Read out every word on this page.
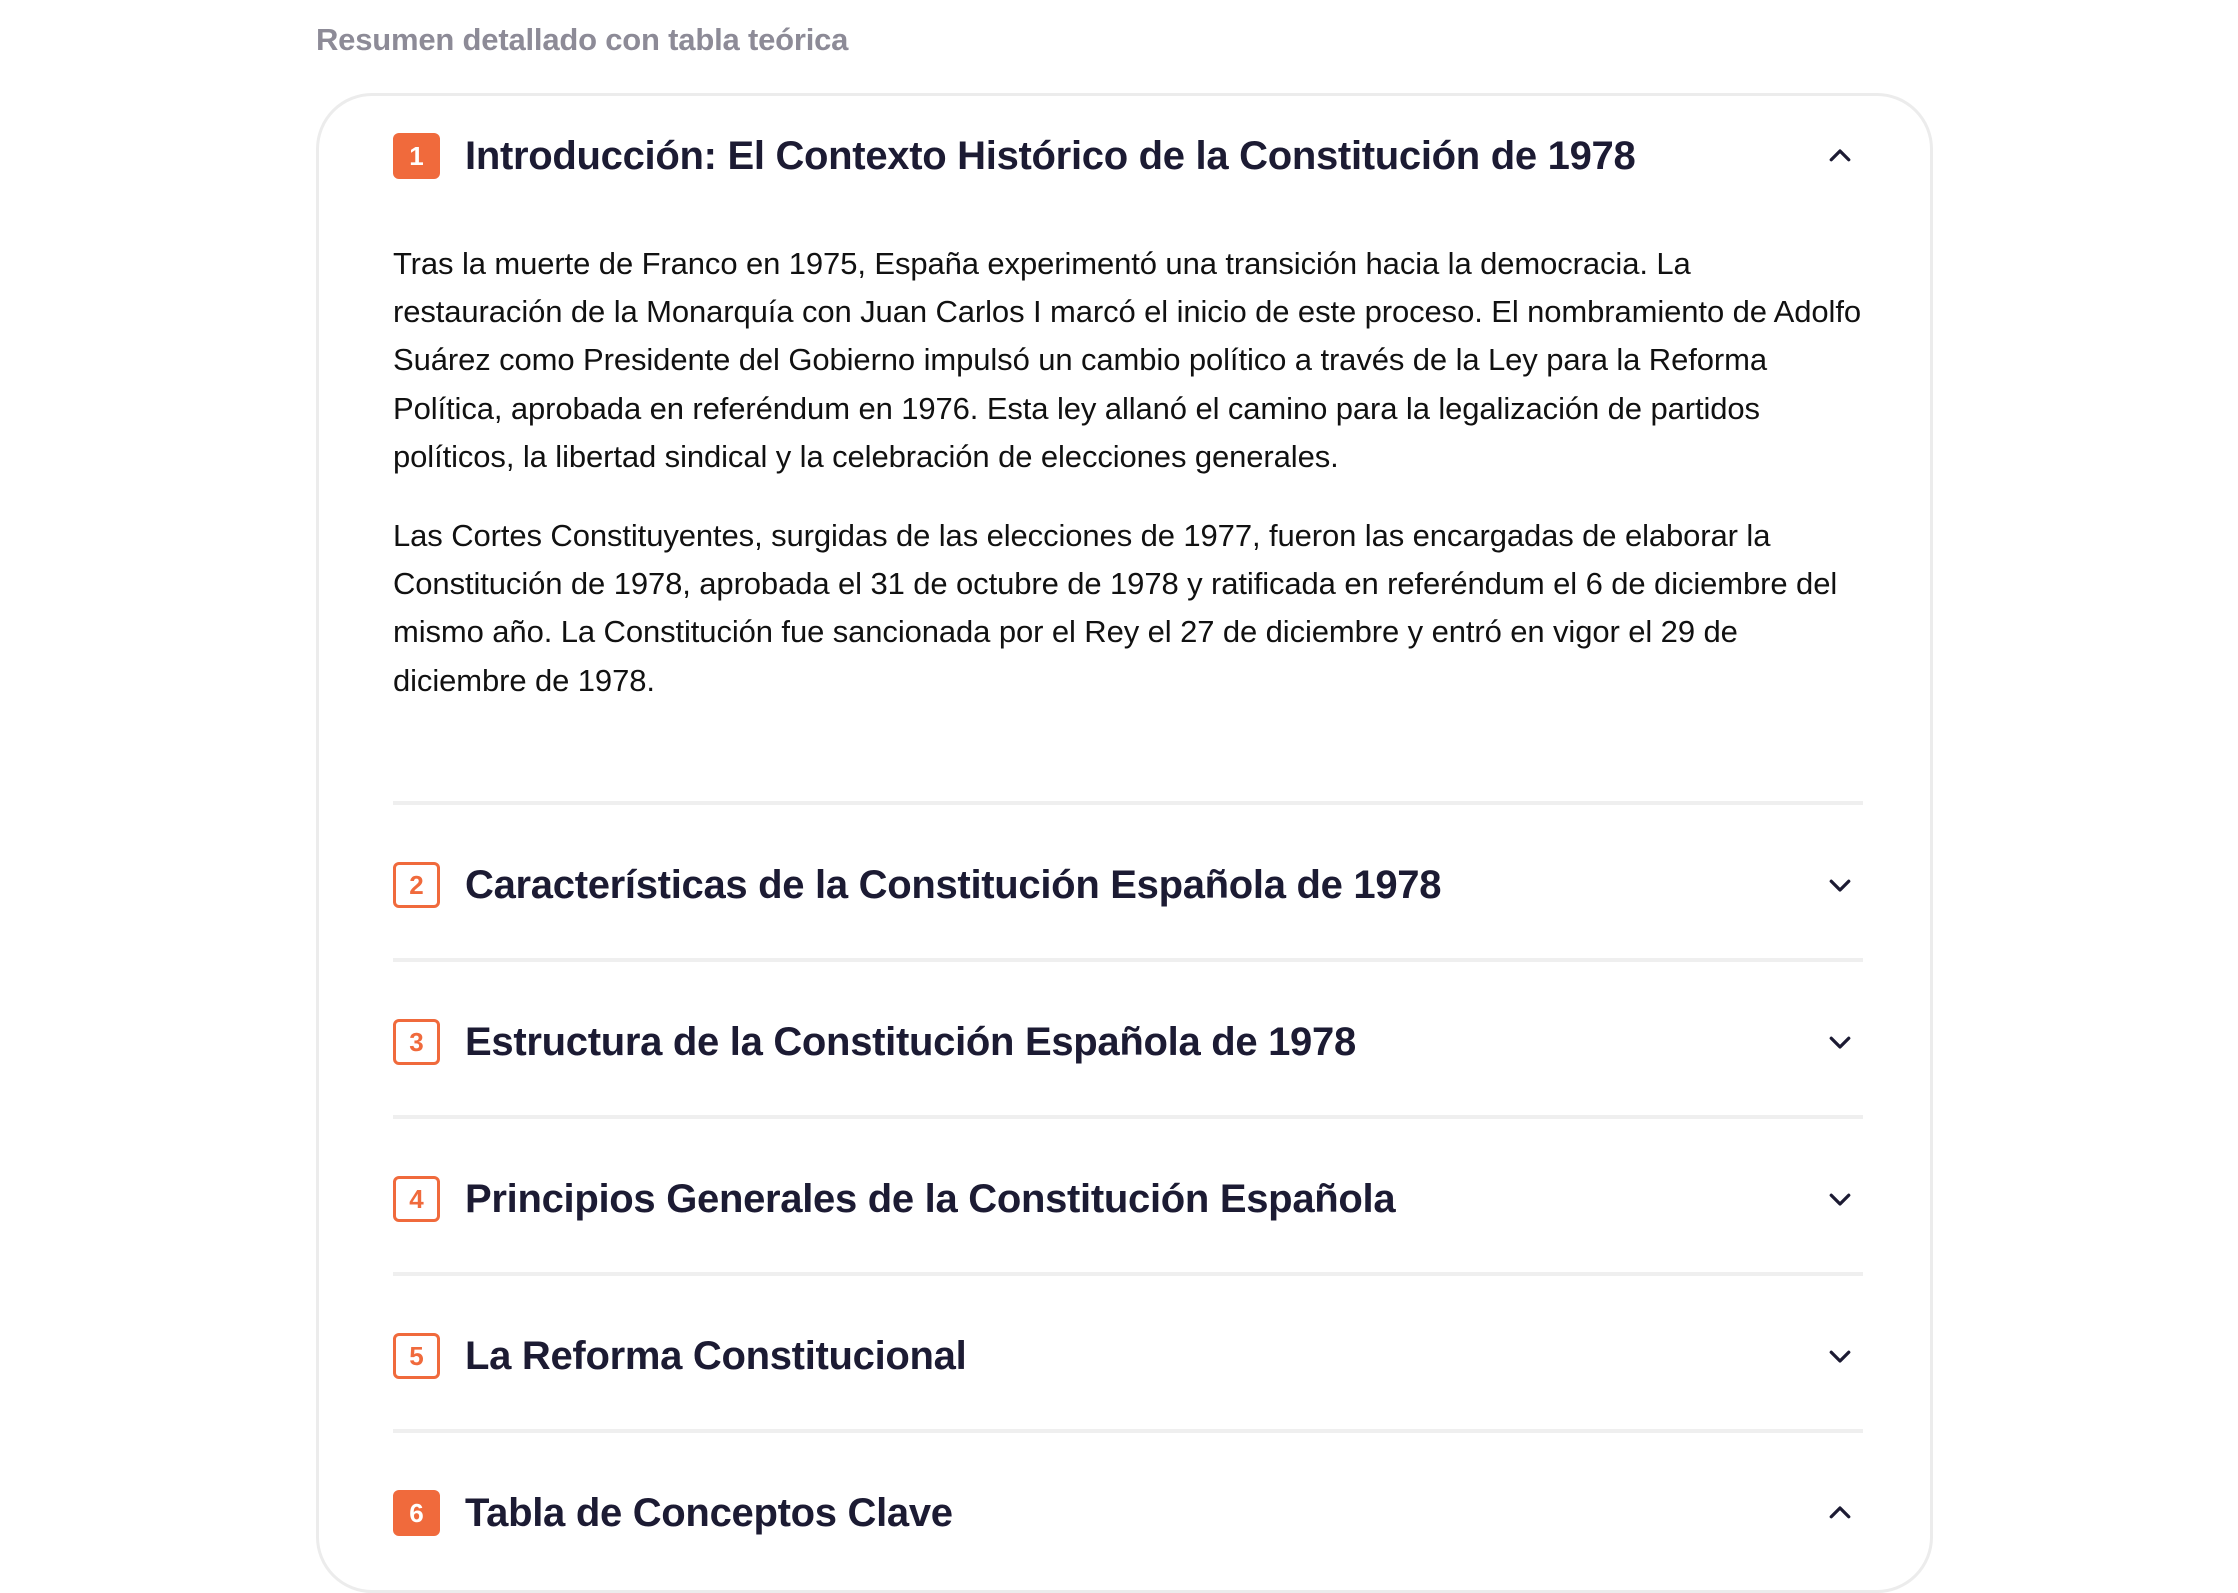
Resumen detallado con tabla teórica
1	Introducción: El Contexto Histórico de la Constitución de 1978

Tras la muerte de Franco en 1975, España experimentó una transición hacia la democracia. La restauración de la Monarquía con Juan Carlos I marcó el inicio de este proceso. El nombramiento de Adolfo Suárez como Presidente del Gobierno impulsó un cambio político a través de la Ley para la Reforma Política, aprobada en referéndum en 1976. Esta ley allanó el camino para la legalización de partidos políticos, la libertad sindical y la celebración de elecciones generales.

Las Cortes Constituyentes, surgidas de las elecciones de 1977, fueron las encargadas de elaborar la Constitución de 1978, aprobada el 31 de octubre de 1978 y ratificada en referéndum el 6 de diciembre del mismo año. La Constitución fue sancionada por el Rey el 27 de diciembre y entró en vigor el 29 de diciembre de 1978.

2	Características de la Constitución Española de 1978
3	Estructura de la Constitución Española de 1978
4	Principios Generales de la Constitución Española
5	La Reforma Constitucional
6	Tabla de Conceptos Clave
